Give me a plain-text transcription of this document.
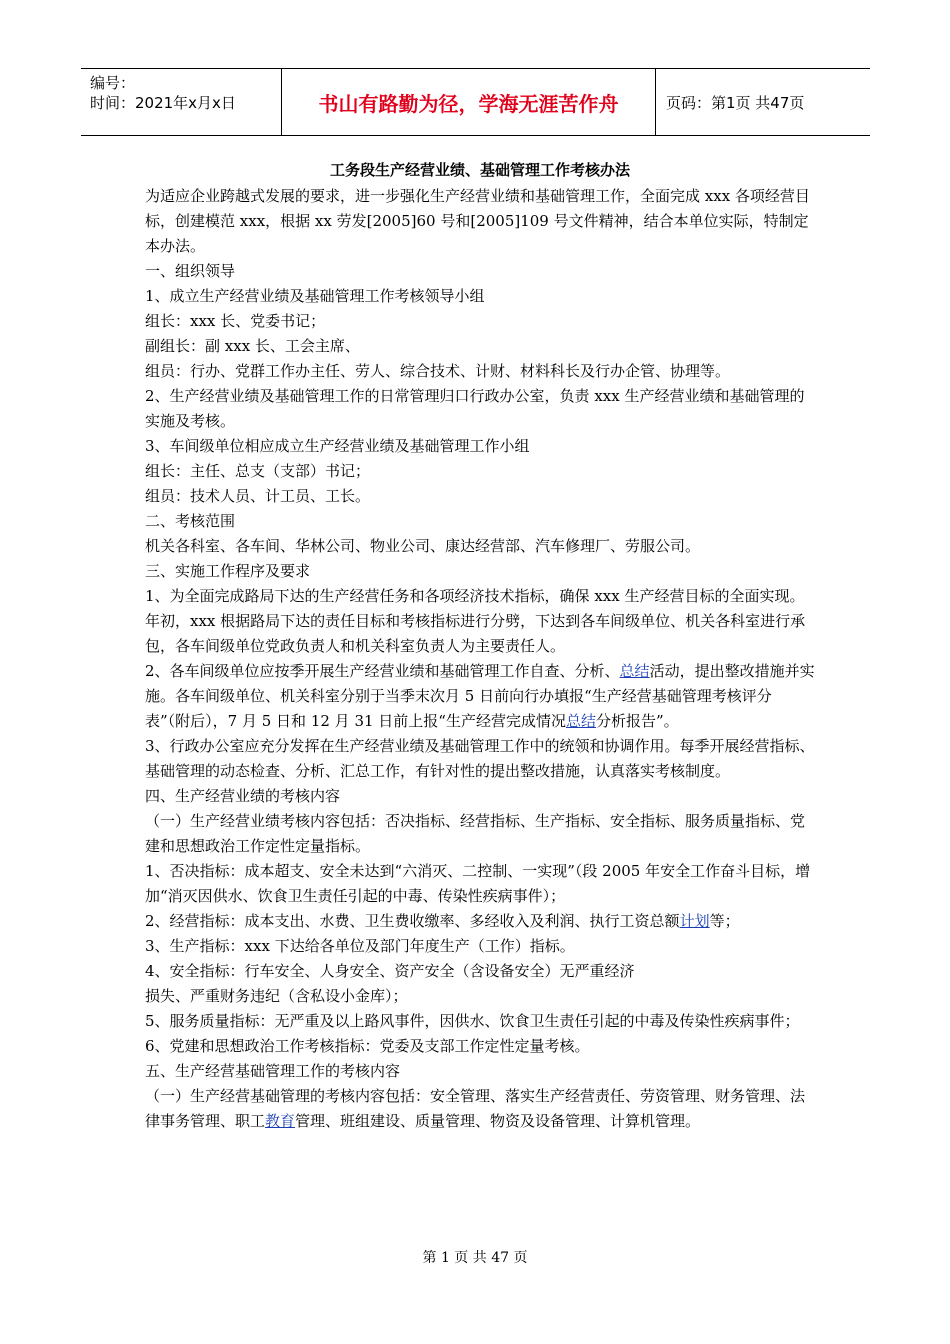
编号：
时间：2021年x月x日	书山有路勤为径，学海无涯苦作舟	页码：第1页 共47页
工务段生产经营业绩、基础管理工作考核办法

为适应企业跨越式发展的要求，进一步强化生产经营业绩和基础管理工作，全面完成 xxx 各项经营目标，创建模范 xxx，根据 xx 劳发[2005]60 号和[2005]109 号文件精神，结合本单位实际，特制定本办法。

一、组织领导

1、成立生产经营业绩及基础管理工作考核领导小组

组长：xxx 长、党委书记；

副组长：副 xxx 长、工会主席、

组员：行办、党群工作办主任、劳人、综合技术、计财、材料科长及行办企管、协理等。

2、生产经营业绩及基础管理工作的日常管理归口行政办公室，负责 xxx 生产经营业绩和基础管理的实施及考核。

3、车间级单位相应成立生产经营业绩及基础管理工作小组

组长：主任、总支（支部）书记；

组员：技术人员、计工员、工长。

二、考核范围

机关各科室、各车间、华林公司、物业公司、康达经营部、汽车修理厂、劳服公司。

三、实施工作程序及要求

1、为全面完成路局下达的生产经营任务和各项经济技术指标，确保 xxx 生产经营目标的全面实现。年初，xxx 根据路局下达的责任目标和考核指标进行分劈，下达到各车间级单位、机关各科室进行承包，各车间级单位党政负责人和机关科室负责人为主要责任人。

2、各车间级单位应按季开展生产经营业绩和基础管理工作自查、分析、总结活动，提出整改措施并实施。各车间级单位、机关科室分别于当季末次月 5 日前向行办填报“生产经营基础管理考核评分表”（附后），7 月 5 日和 12 月 31 日前上报“生产经营完成情况总结分析报告”。

3、行政办公室应充分发挥在生产经营业绩及基础管理工作中的统领和协调作用。每季开展经营指标、基础管理的动态检查、分析、汇总工作，有针对性的提出整改措施，认真落实考核制度。

四、生产经营业绩的考核内容

（一）生产经营业绩考核内容包括：否决指标、经营指标、生产指标、安全指标、服务质量指标、党建和思想政治工作定性定量指标。

1、否决指标：成本超支、安全未达到“六消灭、二控制、一实现”（段 2005 年安全工作奋斗目标，增加“消灭因供水、饮食卫生责任引起的中毒、传染性疾病事件）；

2、经营指标：成本支出、水费、卫生费收缴率、多经收入及利润、执行工资总额计划等；

3、生产指标：xxx 下达给各单位及部门年度生产（工作）指标。

4、安全指标：行车安全、人身安全、资产安全（含设备安全）无严重经济

损失、严重财务违纪（含私设小金库）；

5、服务质量指标：无严重及以上路风事件，因供水、饮食卫生责任引起的中毒及传染性疾病事件；

6、党建和思想政治工作考核指标：党委及支部工作定性定量考核。

五、生产经营基础管理工作的考核内容

（一）生产经营基础管理的考核内容包括：安全管理、落实生产经营责任、劳资管理、财务管理、法律事务管理、职工教育管理、班组建设、质量管理、物资及设备管理、计算机管理。

第 1 页 共 47 页
